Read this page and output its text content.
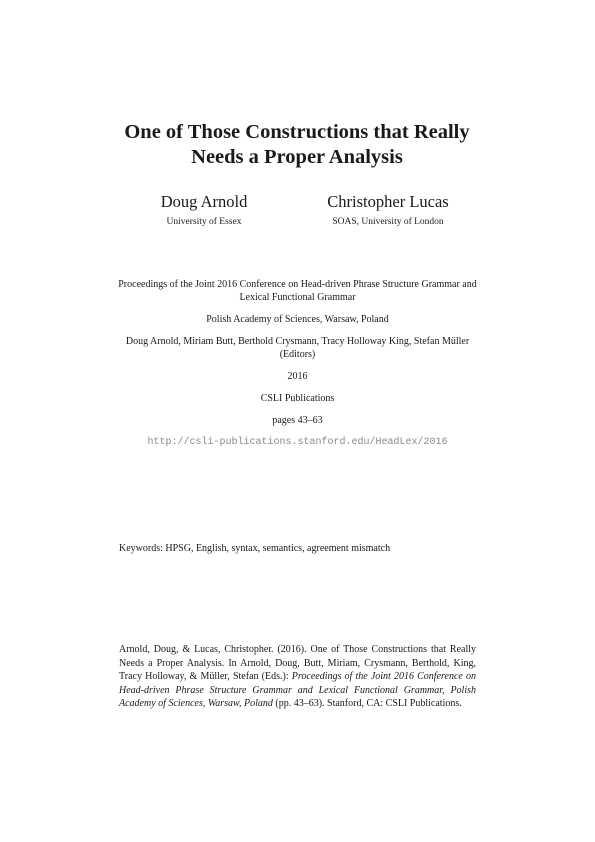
One of Those Constructions that Really
Needs a Proper Analysis
Doug Arnold
University of Essex
Christopher Lucas
SOAS, University of London

Proceedings of the Joint 2016 Conference on Head-driven Phrase Structure Grammar and Lexical Functional Grammar

Polish Academy of Sciences, Warsaw, Poland

Doug Arnold, Miriam Butt, Berthold Crysmann, Tracy Holloway King, Stefan Müller (Editors)

2016

CSLI Publications

pages 43–63

http://csli-publications.stanford.edu/HeadLex/2016

Keywords: HPSG, English, syntax, semantics, agreement mismatch
Arnold, Doug, & Lucas, Christopher. (2016). One of Those Constructions that Really Needs a Proper Analysis. In Arnold, Doug, Butt, Miriam, Crysmann, Berthold, King, Tracy Holloway, & Müller, Stefan (Eds.): Proceedings of the Joint 2016 Conference on Head-driven Phrase Structure Grammar and Lexical Functional Grammar, Polish Academy of Sciences, Warsaw, Poland (pp. 43–63). Stanford, CA: CSLI Publications.
